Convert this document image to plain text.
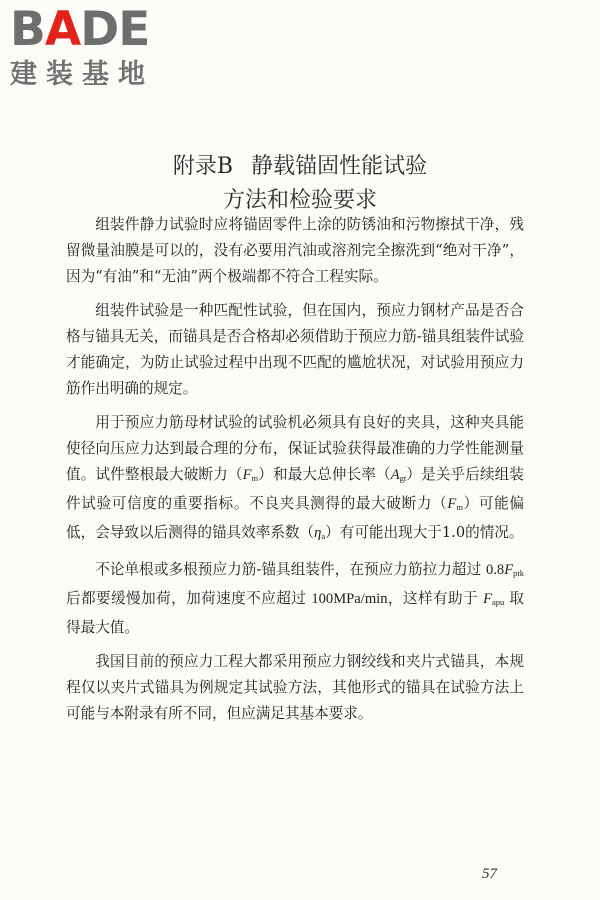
BADE
建装基地
附录B 静载锚固性能试验
方法和检验要求

组装件静力试验时应将锚固零件上涂的防锈油和污物擦拭干净，残留微量油膜是可以的，没有必要用汽油或溶剂完全擦洗到“绝对干净”，因为“有油”和“无油”两个极端都不符合工程实际。

组装件试验是一种匹配性试验，但在国内，预应力钢材产品是否合格与锚具无关，而锚具是否合格却必须借助于预应力筋-锚具组装件试验才能确定，为防止试验过程中出现不匹配的尴尬状况，对试验用预应力筋作出明确的规定。

用于预应力筋母材试验的试验机必须具有良好的夹具，这种夹具能使径向压应力达到最合理的分布，保证试验获得最准确的力学性能测量值。试件整根最大破断力$(F_m)$和最大总伸长率$(A_{gt})$是关乎后续组装件试验可信度的重要指标。不良夹具测得的最大破断力$(F_m)$可能偏低，会导致以后测得的锚具效率系数$(\eta_a)$有可能出现大于1.0的情况。

不论单根或多根预应力筋-锚具组装件，在预应力筋拉力超过 $0.8F_{ptk}$ 后都要缓慢加荷，加荷速度不应超过 100MPa/min，这样有助于 $F_{apu}$ 取得最大值。

我国目前的预应力工程大都采用预应力钢绞线和夹片式锚具，本规程仅以夹片式锚具为例规定其试验方法，其他形式的锚具在试验方法上可能与本附录有所不同，但应满足其基本要求。

57
